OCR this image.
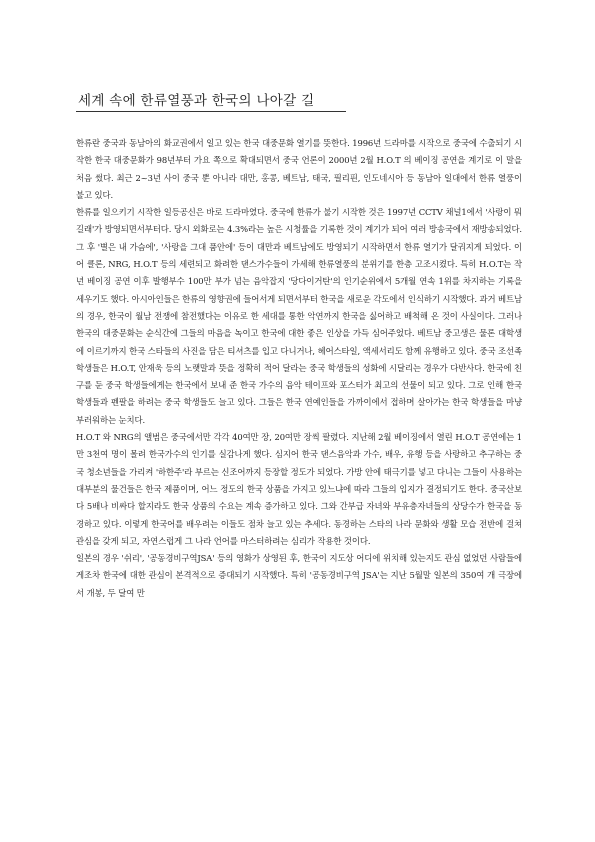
세계 속에 한류열풍과 한국의 나아갈 길

한류란 중국과 동남아의 화교권에서 일고 있는 한국 대중문화 열기를 뜻한다. 1996년 드라마를 시작으로 중국에 수출되기 시작한 한국 대중문화가 98년부터 가요 쪽으로 확대되면서 중국 언론이 2000년 2월 H.O.T 의 베이징 공연을 계기로 이 말을 처음 썼다. 최근 2~3년 사이 중국 뿐 아니라 대만, 홍콩, 베트남, 태국, 필리핀, 인도네시아 등 동남아 일대에서 한류 열풍이 불고 있다.

한류를 일으키기 시작한 일등공신은 바로 드라마였다. 중국에 한류가 불기 시작한 것은 1997년 CCTV 채널1에서 '사랑이 뭐 길래'가 방영되면서부터다. 당시 외화로는 4.3%라는 높은 시청률을 기록한 것이 계기가 되어 여러 방송국에서 재방송되었다. 그 후 '별은 내 가슴에', '사랑을 그대 품안에' 등이 대만과 베트남에도 방영되기 시작하면서 한류 열기가 달궈지게 되었다. 이어 클론, NRG, H.O.T 등의 세련되고 화려한 댄스가수들이 가세해 한류열풍의 분위기를 한층 고조시켰다. 특히 H.O.T는 작년 베이징 공연 이후 발행부수 100만 부가 넘는 음악잡지 '당다이거탄'의 인기순위에서 5개월 연속 1위를 차지하는 기록을 세우기도 했다. 아시아인들은 한류의 영향권에 들어서게 되면서부터 한국을 새로운 각도에서 인식하기 시작했다. 과거 베트남의 경우, 한국이 월남 전쟁에 참전했다는 이유로 한 세대를 통한 악연까지 한국을 싫어하고 배척해 온 것이 사실이다. 그러나 한국의 대중문화는 순식간에 그들의 마음을 녹이고 한국에 대한 좋은 인상을 가득 심어주었다. 베트남 중고생은 물론 대학생에 이르기까지 한국 스타들의 사진을 담은 티셔츠를 입고 다니거나, 헤어스타일, 액세서리도 함께 유행하고 있다. 중국 조선족 학생들은 H.O.T, 안재욱 등의 노랫말과 뜻을 정확히 적어 달라는 중국 학생들의 성화에 시달리는 경우가 다반사다. 한국에 친구를 둔 중국 학생들에게는 한국에서 보내 준 한국 가수의 음악 테이프와 포스터가 최고의 선물이 되고 있다. 그로 인해 한국 학생들과 펜팔을 하려는 중국 학생들도 늘고 있다. 그들은 한국 연예인들을 가까이에서 접하며 살아가는 한국 학생들을 마냥 부러워하는 눈치다.

H.O.T 와 NRG의 앨범은 중국에서만 각각 40여만 장, 20여만 장씩 팔렸다. 지난해 2월 베이징에서 열린 H.O.T 공연에는 1만 3천여 명이 몰려 한국가수의 인기를 실감나게 했다. 심지어 한국 댄스음악과 가수, 배우, 유행 등을 사랑하고 추구하는 중국 청소년들을 가리켜 '하한주'라 부르는 신조어까지 등장할 정도가 되었다. 가방 안에 태극기를 넣고 다니는 그들이 사용하는 대부분의 물건들은 한국 제품이며, 어느 정도의 한국 상품을 가지고 있느냐에 따라 그들의 입지가 결정되기도 한다. 중국산보다 5배나 비싸다 할지라도 한국 상품의 수요는 계속 증가하고 있다. 그와 간부급 자녀와 부유층자녀들의 상당수가 한국을 동경하고 있다. 이렇게 한국어를 배우려는 이들도 점차 늘고 있는 추세다. 동경하는 스타의 나라 문화와 생활 모습 전반에 걸쳐 관심을 갖게 되고, 자연스럽게 그 나라 언어를 마스터하려는 심리가 작용한 것이다.

일본의 경우 '쉬리', '공동경비구역JSA' 등의 영화가 상영된 후, 한국이 지도상 어디에 위치해 있는지도 관심 없었던 사람들에게조차 한국에 대한 관심이 본격적으로 증대되기 시작했다. 특히 '공동경비구역 JSA'는 지난 5월말 일본의 350여 개 극장에서 개봉, 두 달여 만
